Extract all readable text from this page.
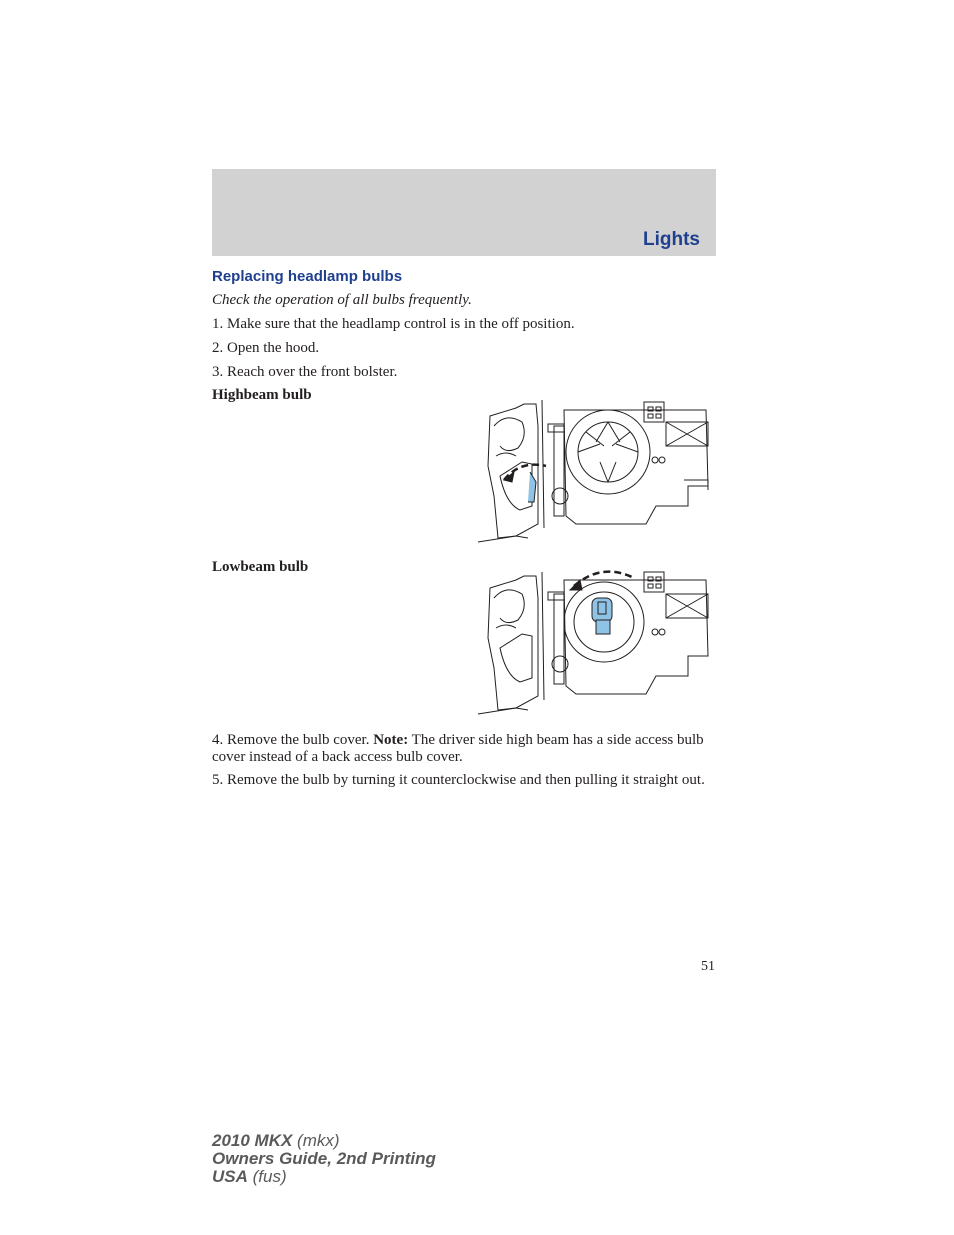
Lights
Replacing headlamp bulbs
Check the operation of all bulbs frequently.
1. Make sure that the headlamp control is in the off position.
2. Open the hood.
3. Reach over the front bolster.
Highbeam bulb
Lowbeam bulb
4. Remove the bulb cover. Note: The driver side high beam has a side access bulb cover instead of a back access bulb cover.
5. Remove the bulb by turning it counterclockwise and then pulling it straight out.
51
2010 MKX (mkx)
Owners Guide, 2nd Printing
USA (fus)
